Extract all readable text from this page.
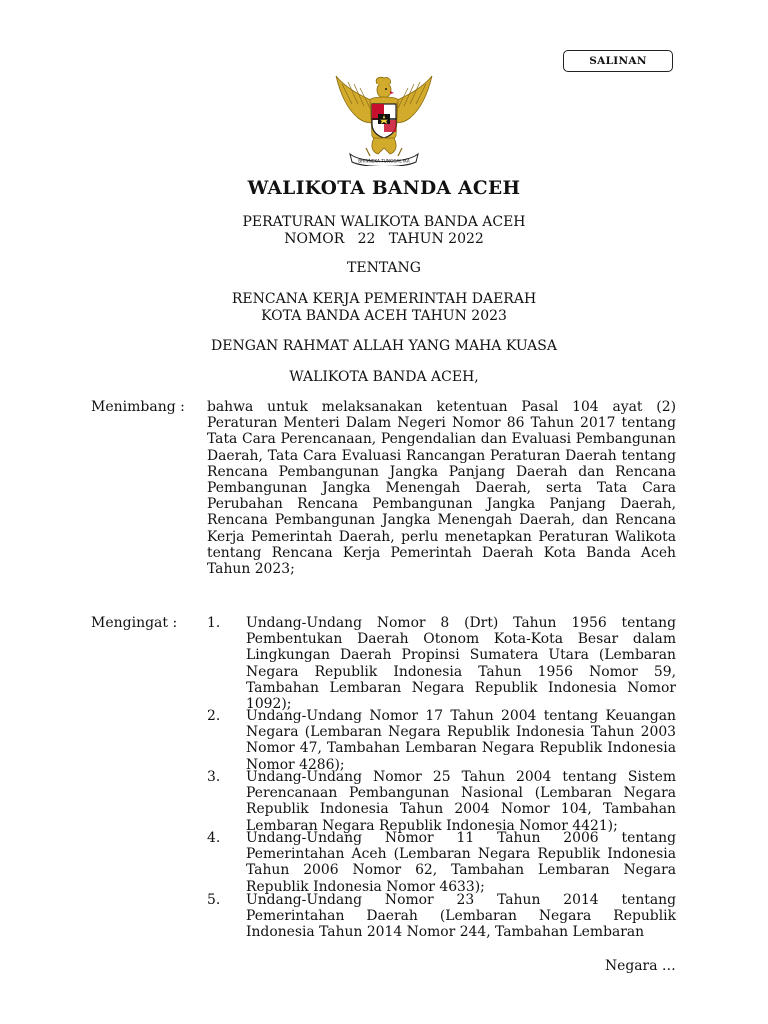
SALINAN
BHINNEKA TUNGGAL IKA
WALIKOTA BANDA ACEH
PERATURAN WALIKOTA BANDA ACEH
NOMOR   22   TAHUN 2022
TENTANG
RENCANA KERJA PEMERINTAH DAERAH
KOTA BANDA ACEH TAHUN 2023
DENGAN RAHMAT ALLAH YANG MAHA KUASA
WALIKOTA BANDA ACEH,
Menimbang : bahwa untuk melaksanakan ketentuan Pasal 104 ayat (2) Peraturan Menteri Dalam Negeri Nomor 86 Tahun 2017 tentang Tata Cara Perencanaan, Pengendalian dan Evaluasi Pembangunan Daerah, Tata Cara Evaluasi Rancangan Peraturan Daerah tentang Rencana Pembangunan Jangka Panjang Daerah dan Rencana Pembangunan Jangka Menengah Daerah, serta Tata Cara Perubahan Rencana Pembangunan Jangka Panjang Daerah, Rencana Pembangunan Jangka Menengah Daerah, dan Rencana Kerja Pemerintah Daerah, perlu menetapkan Peraturan Walikota tentang Rencana Kerja Pemerintah Daerah Kota Banda Aceh Tahun 2023;

Mengingat : 1. Undang-Undang Nomor 8 (Drt) Tahun 1956 tentang Pembentukan Daerah Otonom Kota-Kota Besar dalam Lingkungan Daerah Propinsi Sumatera Utara (Lembaran Negara Republik Indonesia Tahun 1956 Nomor 59, Tambahan Lembaran Negara Republik Indonesia Nomor 1092);
2. Undang-Undang Nomor 17 Tahun 2004 tentang Keuangan Negara (Lembaran Negara Republik Indonesia Tahun 2003 Nomor 47, Tambahan Lembaran Negara Republik Indonesia Nomor 4286);
3. Undang-Undang Nomor 25 Tahun 2004 tentang Sistem Perencanaan Pembangunan Nasional (Lembaran Negara Republik Indonesia Tahun 2004 Nomor 104, Tambahan Lembaran Negara Republik Indonesia Nomor 4421);
4. Undang-Undang Nomor 11 Tahun 2006 tentang Pemerintahan Aceh (Lembaran Negara Republik Indonesia Tahun 2006 Nomor 62, Tambahan Lembaran Negara Republik Indonesia Nomor 4633);
5. Undang-Undang Nomor 23 Tahun 2014 tentang Pemerintahan Daerah (Lembaran Negara Republik Indonesia Tahun 2014 Nomor 244, Tambahan Lembaran
Negara …
